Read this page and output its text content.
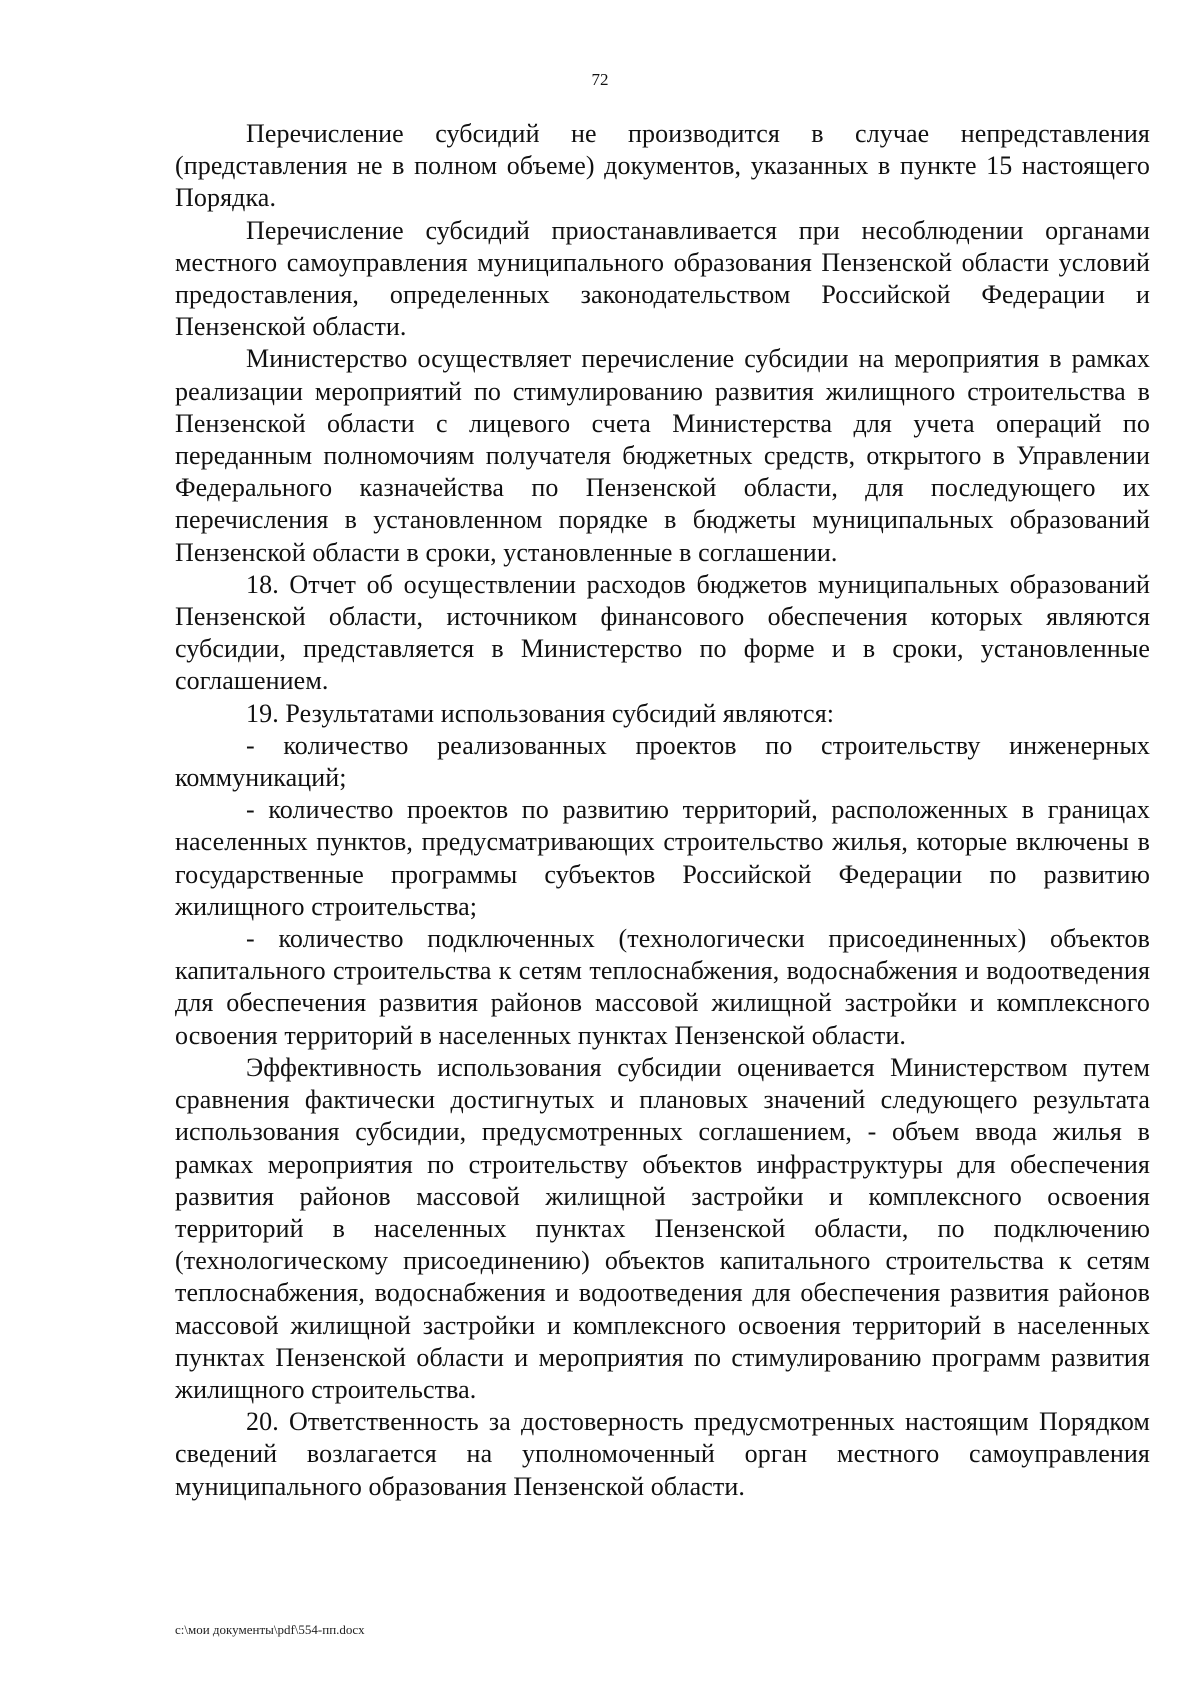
72

Перечисление субсидий не производится в случае непредставления (представления не в полном объеме) документов, указанных в пункте 15 настоящего Порядка.

Перечисление субсидий приостанавливается при несоблюдении органами местного самоуправления муниципального образования Пензенской области условий предоставления, определенных законодательством Российской Федерации и Пензенской области.

Министерство осуществляет перечисление субсидии на мероприятия в рамках реализации мероприятий по стимулированию развития жилищного строительства в Пензенской области с лицевого счета Министерства для учета операций по переданным полномочиям получателя бюджетных средств, открытого в Управлении Федерального казначейства по Пензенской области, для последующего их перечисления в установленном порядке в бюджеты муниципальных образований Пензенской области в сроки, установленные в соглашении.

18. Отчет об осуществлении расходов бюджетов муниципальных образований Пензенской области, источником финансового обеспечения которых являются субсидии, представляется в Министерство по форме и в сроки, установленные соглашением.

19. Результатами использования субсидий являются:

- количество реализованных проектов по строительству инженерных коммуникаций;

- количество проектов по развитию территорий, расположенных в границах населенных пунктов, предусматривающих строительство жилья, которые включены в государственные программы субъектов Российской Федерации по развитию жилищного строительства;

- количество подключенных (технологически присоединенных) объектов капитального строительства к сетям теплоснабжения, водоснабжения и водоотведения для обеспечения развития районов массовой жилищной застройки и комплексного освоения территорий в населенных пунктах Пензенской области.

Эффективность использования субсидии оценивается Министерством путем сравнения фактически достигнутых и плановых значений следующего результата использования субсидии, предусмотренных соглашением, - объем ввода жилья в рамках мероприятия по строительству объектов инфраструктуры для обеспечения развития районов массовой жилищной застройки и комплексного освоения территорий в населенных пунктах Пензенской области, по подключению (технологическому присоединению) объектов капитального строительства к сетям теплоснабжения, водоснабжения и водоотведения для обеспечения развития районов массовой жилищной застройки и комплексного освоения территорий в населенных пунктах Пензенской области и мероприятия по стимулированию программ развития жилищного строительства.

20. Ответственность за достоверность предусмотренных настоящим Порядком сведений возлагается на уполномоченный орган местного самоуправления муниципального образования Пензенской области.

c:\мои документы\pdf\554-пп.docx
